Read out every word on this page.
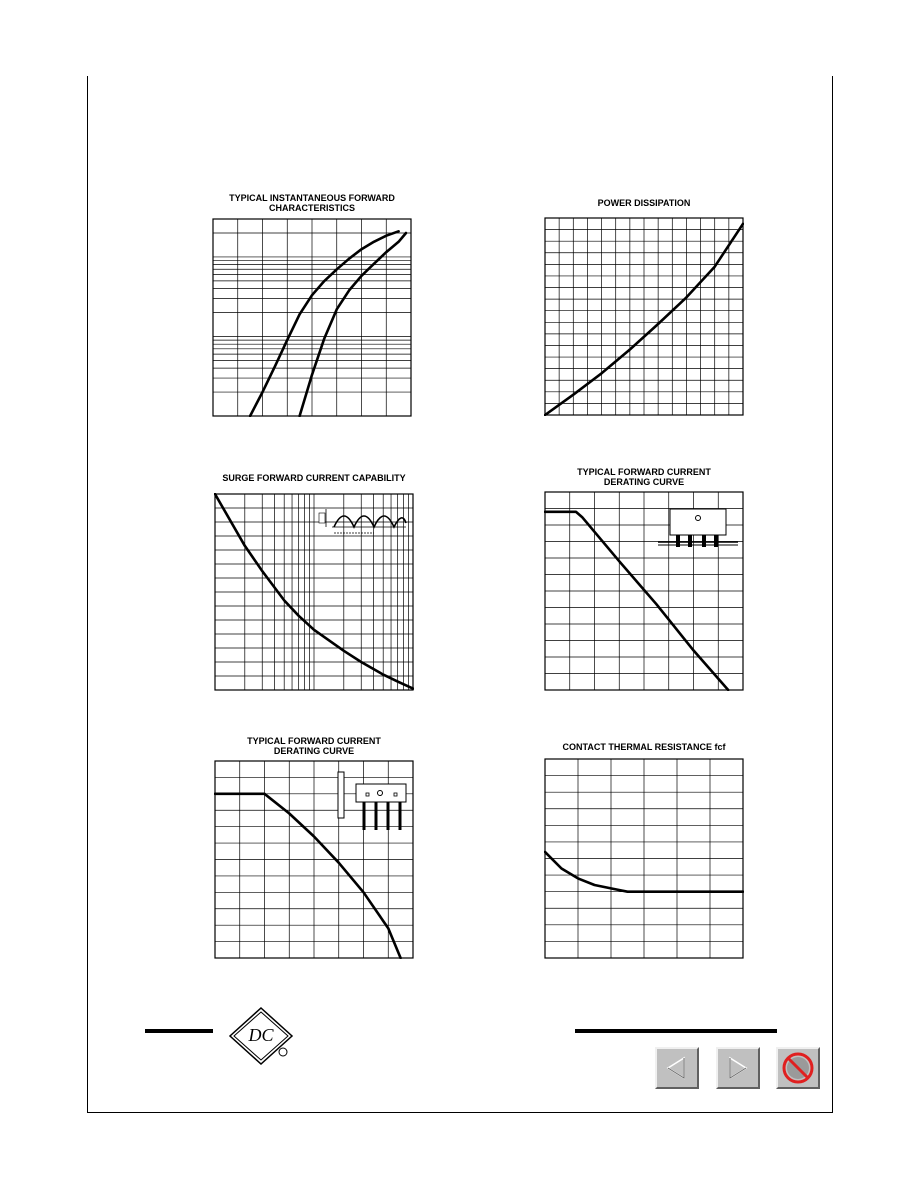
TYPICAL INSTANTANEOUS FORWARD
CHARACTERISTICS	POWER DISSIPATION
SURGE FORWARD CURRENT CAPABILITY
TYPICAL FORWARD CURRENT
DERATING CURVE
TYPICAL FORWARD CURRENT
DERATING CURVE	CONTACT THERMAL RESISTANCE fcf
DC
